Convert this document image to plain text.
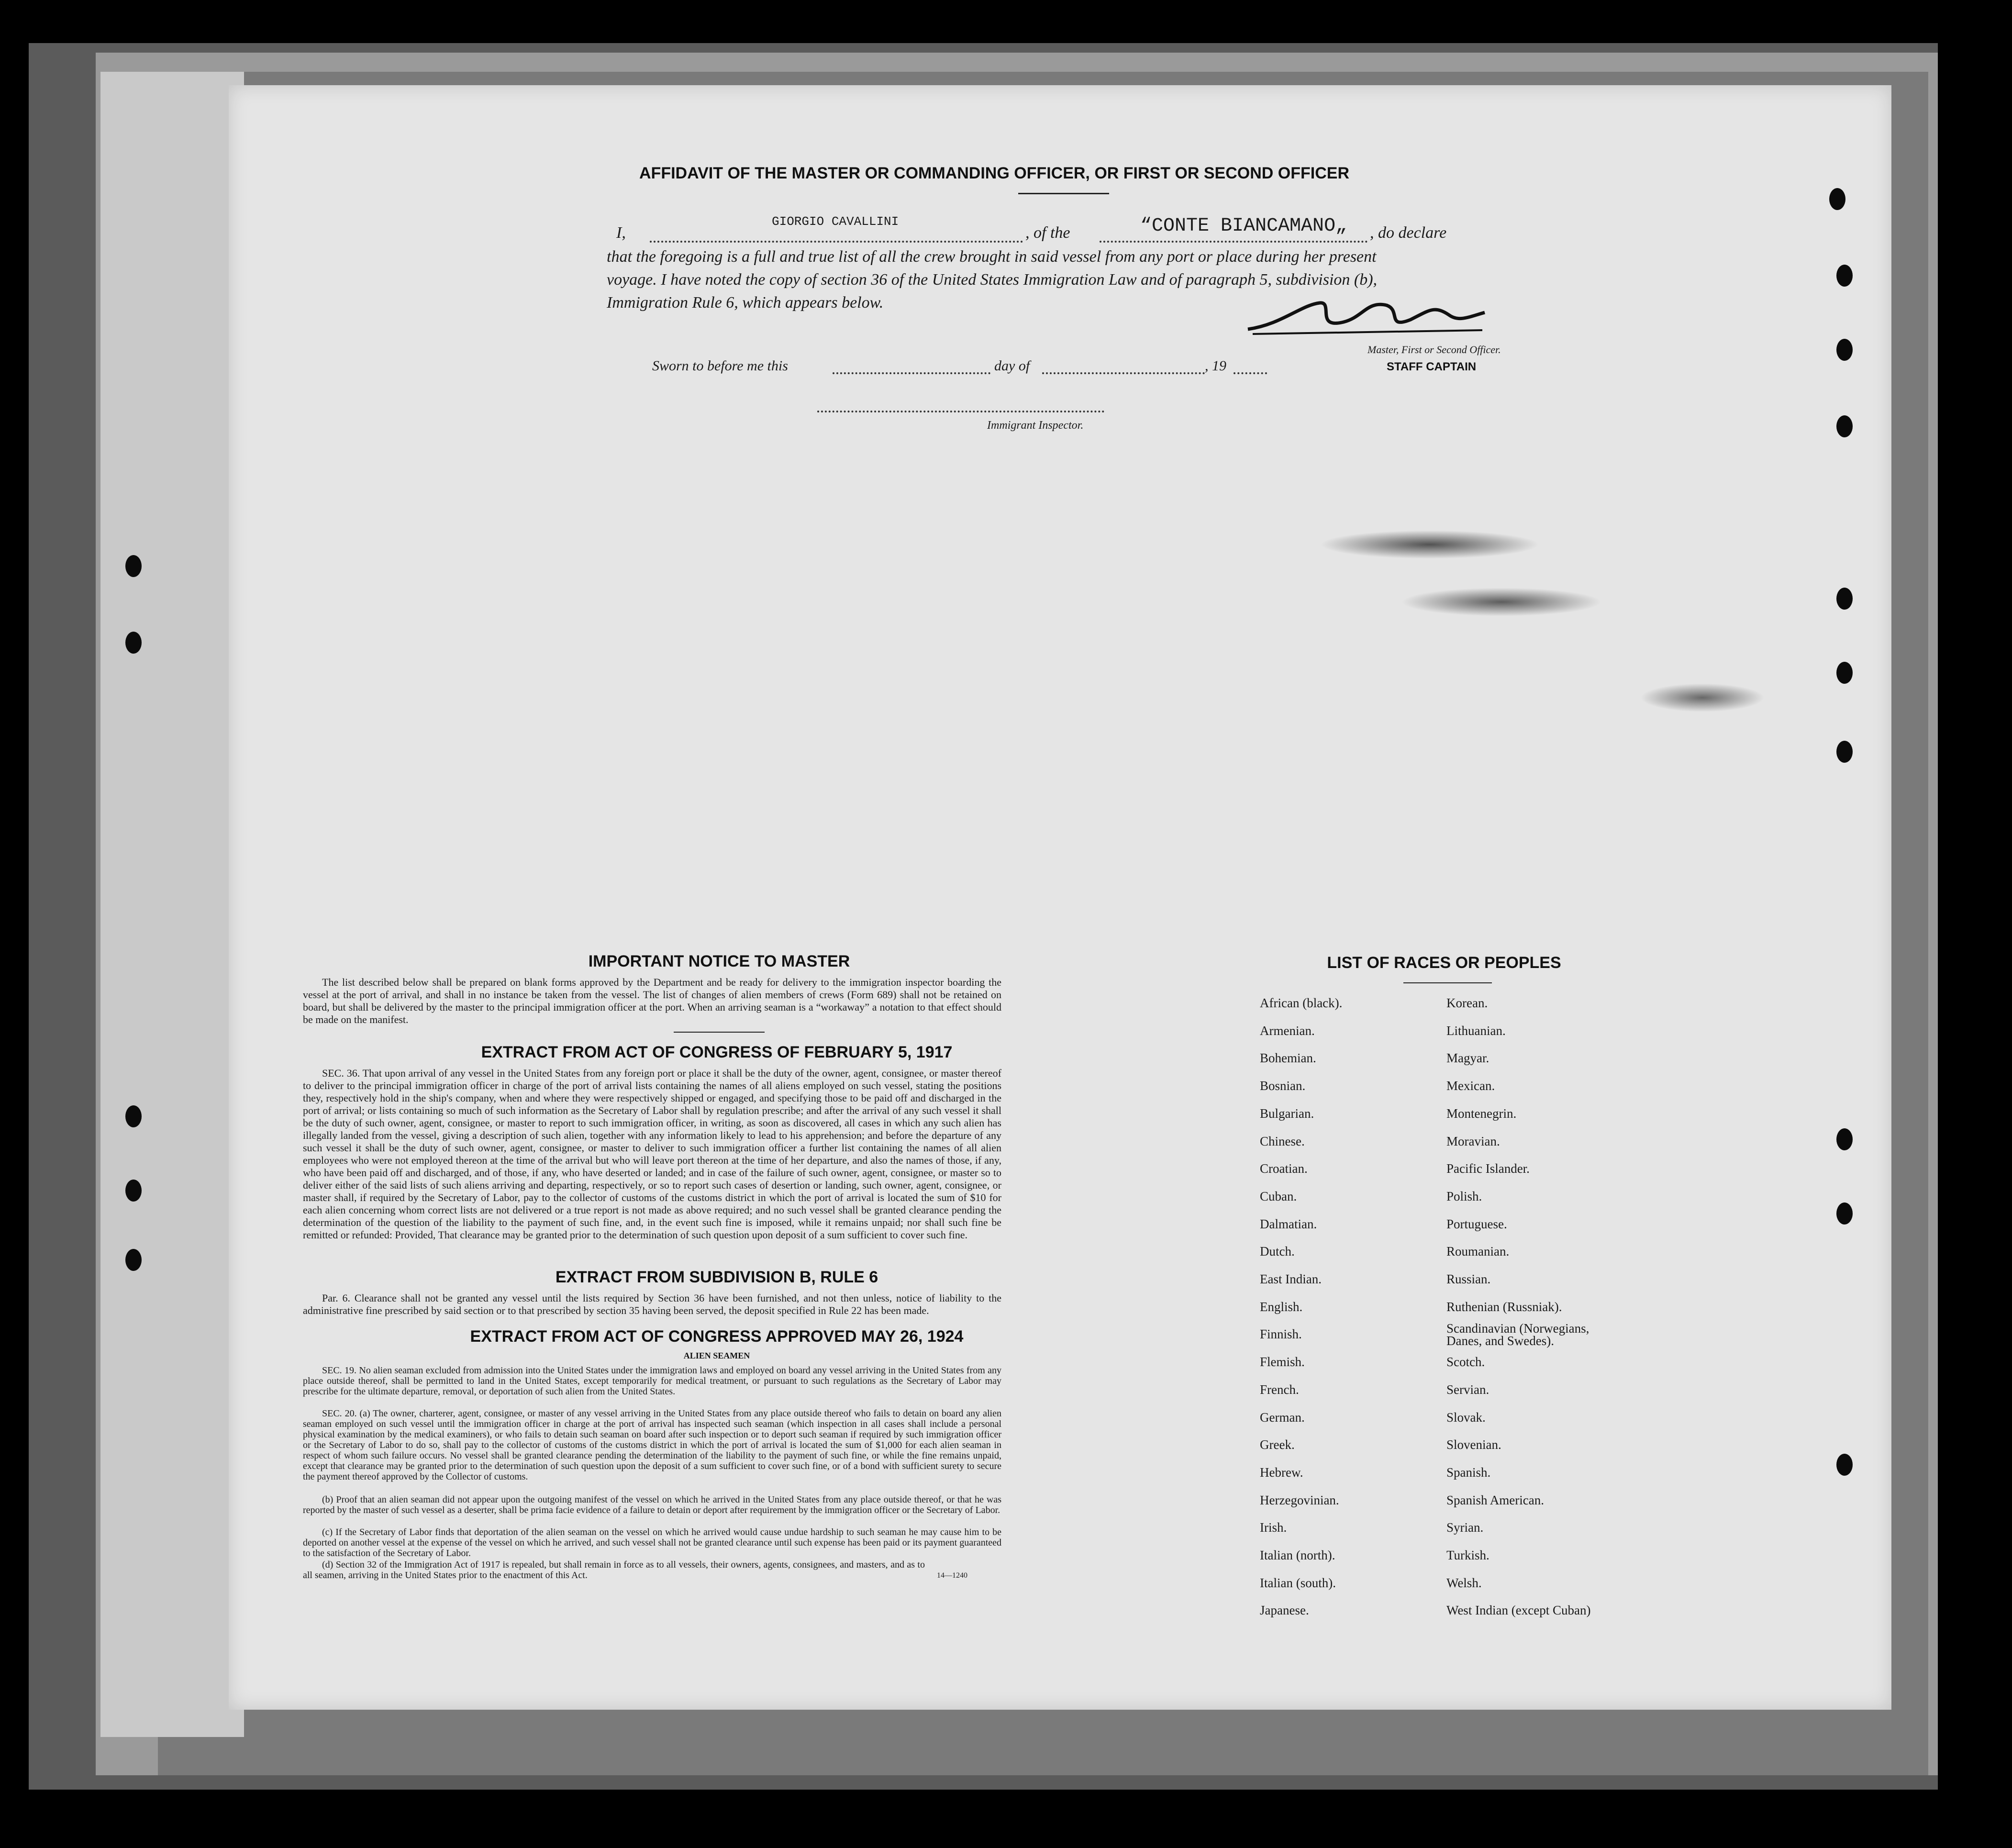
AFFIDAVIT OF THE MASTER OR COMMANDING OFFICER, OR FIRST OR SECOND OFFICER
I,
GIORGIO CAVALLINI
, of the	“CONTE BIANCAMANO„ , do declare
that the foregoing is a full and true list of all the crew brought in said vessel from any port or place during her present
voyage. I have noted the copy of section 36 of the United States Immigration Law and of paragraph 5, subdivision (b),
Immigration Rule 6, which appears below.
Master, First or Second Officer.
STAFF CAPTAIN
Sworn to before me this	day of	, 19
Immigrant Inspector.
IMPORTANT NOTICE TO MASTER
The list described below shall be prepared on blank forms approved by the Department and be ready for delivery to the immigration inspector boarding the vessel at the port of arrival, and shall in no instance be taken from the vessel. The list of changes of alien members of crews (Form 689) shall not be retained on board, but shall be delivered by the master to the principal immigration officer at the port. When an arriving seaman is a “workaway” a notation to that effect should be made on the manifest.
EXTRACT FROM ACT OF CONGRESS OF FEBRUARY 5, 1917
SEC. 36. That upon arrival of any vessel in the United States from any foreign port or place it shall be the duty of the owner, agent, consignee, or master thereof to deliver to the principal immigration officer in charge of the port of arrival lists containing the names of all aliens employed on such vessel, stating the positions they, respectively hold in the ship's company, when and where they were respectively shipped or engaged, and specifying those to be paid off and discharged in the port of arrival; or lists containing so much of such information as the Secretary of Labor shall by regulation prescribe; and after the arrival of any such vessel it shall be the duty of such owner, agent, consignee, or master to report to such immigration officer, in writing, as soon as discovered, all cases in which any such alien has illegally landed from the vessel, giving a description of such alien, together with any information likely to lead to his apprehension; and before the departure of any such vessel it shall be the duty of such owner, agent, consignee, or master to deliver to such immigration officer a further list containing the names of all alien employees who were not employed thereon at the time of the arrival but who will leave port thereon at the time of her departure, and also the names of those, if any, who have been paid off and discharged, and of those, if any, who have deserted or landed; and in case of the failure of such owner, agent, consignee, or master so to deliver either of the said lists of such aliens arriving and departing, respectively, or so to report such cases of desertion or landing, such owner, agent, consignee, or master shall, if required by the Secretary of Labor, pay to the collector of customs of the customs district in which the port of arrival is located the sum of $10 for each alien concerning whom correct lists are not delivered or a true report is not made as above required; and no such vessel shall be granted clearance pending the determination of the question of the liability to the payment of such fine, and, in the event such fine is imposed, while it remains unpaid; nor shall such fine be remitted or refunded: Provided, That clearance may be granted prior to the determination of such question upon deposit of a sum sufficient to cover such fine.
EXTRACT FROM SUBDIVISION B, RULE 6
Par. 6. Clearance shall not be granted any vessel until the lists required by Section 36 have been furnished, and not then unless, notice of liability to the administrative fine prescribed by said section or to that prescribed by section 35 having been served, the deposit specified in Rule 22 has been made.
EXTRACT FROM ACT OF CONGRESS APPROVED MAY 26, 1924
ALIEN SEAMEN
SEC. 19. No alien seaman excluded from admission into the United States under the immigration laws and employed on board any vessel arriving in the United States from any place outside thereof, shall be permitted to land in the United States, except temporarily for medical treatment, or pursuant to such regulations as the Secretary of Labor may prescribe for the ultimate departure, removal, or deportation of such alien from the United States.
SEC. 20. (a) The owner, charterer, agent, consignee, or master of any vessel arriving in the United States from any place outside thereof who fails to detain on board any alien seaman employed on such vessel until the immigration officer in charge at the port of arrival has inspected such seaman (which inspection in all cases shall include a personal physical examination by the medical examiners), or who fails to detain such seaman on board after such inspection or to deport such seaman if required by such immigration officer or the Secretary of Labor to do so, shall pay to the collector of customs of the customs district in which the port of arrival is located the sum of $1,000 for each alien seaman in respect of whom such failure occurs. No vessel shall be granted clearance pending the determination of the liability to the payment of such fine, or while the fine remains unpaid, except that clearance may be granted prior to the determination of such question upon the deposit of a sum sufficient to cover such fine, or of a bond with sufficient surety to secure the payment thereof approved by the Collector of customs.
(b) Proof that an alien seaman did not appear upon the outgoing manifest of the vessel on which he arrived in the United States from any place outside thereof, or that he was reported by the master of such vessel as a deserter, shall be prima facie evidence of a failure to detain or deport after requirement by the immigration officer or the Secretary of Labor.
(c) If the Secretary of Labor finds that deportation of the alien seaman on the vessel on which he arrived would cause undue hardship to such seaman he may cause him to be deported on another vessel at the expense of the vessel on which he arrived, and such vessel shall not be granted clearance until such expense has been paid or its payment guaranteed to the satisfaction of the Secretary of Labor.
(d) Section 32 of the Immigration Act of 1917 is repealed, but shall remain in force as to all vessels, their owners, agents, consignees, and masters, and as to all seamen, arriving in the United States prior to the enactment of this Act.	14—1240
LIST OF RACES OR PEOPLES
African (black).
Armenian.
Bohemian.
Bosnian.
Bulgarian.
Chinese.
Croatian.
Cuban.
Dalmatian.
Dutch.
East Indian.
English.
Finnish.
Flemish.
French.
German.
Greek.
Hebrew.
Herzegovinian.
Irish.
Italian (north).
Italian (south).
Japanese.
Korean.
Lithuanian.
Magyar.
Mexican.
Montenegrin.
Moravian.
Pacific Islander.
Polish.
Portuguese.
Roumanian.
Russian.
Ruthenian (Russniak).
Scandinavian (Norwegians, Danes, and Swedes).
Scotch.
Servian.
Slovak.
Slovenian.
Spanish.
Spanish American.
Syrian.
Turkish.
Welsh.
West Indian (except Cuban)
